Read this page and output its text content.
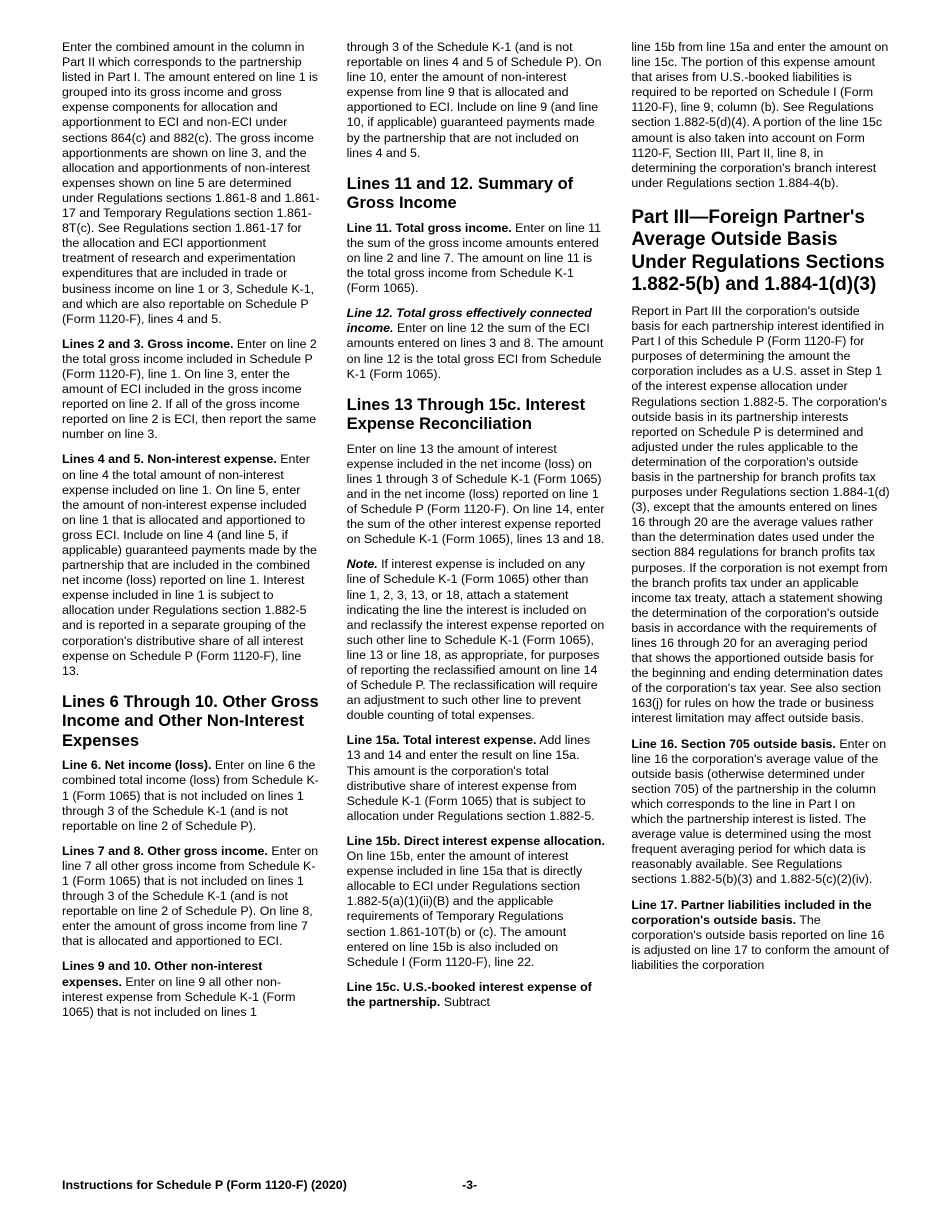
Enter the combined amount in the column in Part II which corresponds to the partnership listed in Part I. The amount entered on line 1 is grouped into its gross income and gross expense components for allocation and apportionment to ECI and non-ECI under sections 864(c) and 882(c). The gross income apportionments are shown on line 3, and the allocation and apportionments of non-interest expenses shown on line 5 are determined under Regulations sections 1.861-8 and 1.861-17 and Temporary Regulations section 1.861-8T(c). See Regulations section 1.861-17 for the allocation and ECI apportionment treatment of research and experimentation expenditures that are included in trade or business income on line 1 or 3, Schedule K-1, and which are also reportable on Schedule P (Form 1120-F), lines 4 and 5.

Lines 2 and 3. Gross income. Enter on line 2 the total gross income included in Schedule P (Form 1120-F), line 1. On line 3, enter the amount of ECI included in the gross income reported on line 2. If all of the gross income reported on line 2 is ECI, then report the same number on line 3.

Lines 4 and 5. Non-interest expense. Enter on line 4 the total amount of non-interest expense included on line 1. On line 5, enter the amount of non-interest expense included on line 1 that is allocated and apportioned to gross ECI. Include on line 4 (and line 5, if applicable) guaranteed payments made by the partnership that are included in the combined net income (loss) reported on line 1. Interest expense included in line 1 is subject to allocation under Regulations section 1.882-5 and is reported in a separate grouping of the corporation's distributive share of all interest expense on Schedule P (Form 1120-F), line 13.

Lines 6 Through 10. Other Gross Income and Other Non-Interest Expenses

Line 6. Net income (loss). Enter on line 6 the combined total income (loss) from Schedule K-1 (Form 1065) that is not included on lines 1 through 3 of the Schedule K-1 (and is not reportable on line 2 of Schedule P).

Lines 7 and 8. Other gross income. Enter on line 7 all other gross income from Schedule K-1 (Form 1065) that is not included on lines 1 through 3 of the Schedule K-1 (and is not reportable on line 2 of Schedule P). On line 8, enter the amount of gross income from line 7 that is allocated and apportioned to ECI.

Lines 9 and 10. Other non-interest expenses. Enter on line 9 all other non-interest expense from Schedule K-1 (Form 1065) that is not included on lines 1

through 3 of the Schedule K-1 (and is not reportable on lines 4 and 5 of Schedule P). On line 10, enter the amount of non-interest expense from line 9 that is allocated and apportioned to ECI. Include on line 9 (and line 10, if applicable) guaranteed payments made by the partnership that are not included on lines 4 and 5.

Lines 11 and 12. Summary of Gross Income

Line 11. Total gross income. Enter on line 11 the sum of the gross income amounts entered on line 2 and line 7. The amount on line 11 is the total gross income from Schedule K-1 (Form 1065).

Line 12. Total gross effectively connected income. Enter on line 12 the sum of the ECI amounts entered on lines 3 and 8. The amount on line 12 is the total gross ECI from Schedule K-1 (Form 1065).

Lines 13 Through 15c. Interest Expense Reconciliation

Enter on line 13 the amount of interest expense included in the net income (loss) on lines 1 through 3 of Schedule K-1 (Form 1065) and in the net income (loss) reported on line 1 of Schedule P (Form 1120-F). On line 14, enter the sum of the other interest expense reported on Schedule K-1 (Form 1065), lines 13 and 18.

Note. If interest expense is included on any line of Schedule K-1 (Form 1065) other than line 1, 2, 3, 13, or 18, attach a statement indicating the line the interest is included on and reclassify the interest expense reported on such other line to Schedule K-1 (Form 1065), line 13 or line 18, as appropriate, for purposes of reporting the reclassified amount on line 14 of Schedule P. The reclassification will require an adjustment to such other line to prevent double counting of total expenses.

Line 15a. Total interest expense. Add lines 13 and 14 and enter the result on line 15a. This amount is the corporation's total distributive share of interest expense from Schedule K-1 (Form 1065) that is subject to allocation under Regulations section 1.882-5.

Line 15b. Direct interest expense allocation. On line 15b, enter the amount of interest expense included in line 15a that is directly allocable to ECI under Regulations section 1.882-5(a)(1)(ii)(B) and the applicable requirements of Temporary Regulations section 1.861-10T(b) or (c). The amount entered on line 15b is also included on Schedule I (Form 1120-F), line 22.

Line 15c. U.S.-booked interest expense of the partnership. Subtract

line 15b from line 15a and enter the amount on line 15c. The portion of this expense amount that arises from U.S.-booked liabilities is required to be reported on Schedule I (Form 1120-F), line 9, column (b). See Regulations section 1.882-5(d)(4). A portion of the line 15c amount is also taken into account on Form 1120-F, Section III, Part II, line 8, in determining the corporation's branch interest under Regulations section 1.884-4(b).

Part III—Foreign Partner's Average Outside Basis Under Regulations Sections 1.882-5(b) and 1.884-1(d)(3)

Report in Part III the corporation's outside basis for each partnership interest identified in Part I of this Schedule P (Form 1120-F) for purposes of determining the amount the corporation includes as a U.S. asset in Step 1 of the interest expense allocation under Regulations section 1.882-5. The corporation's outside basis in its partnership interests reported on Schedule P is determined and adjusted under the rules applicable to the determination of the corporation's outside basis in the partnership for branch profits tax purposes under Regulations section 1.884-1(d)(3), except that the amounts entered on lines 16 through 20 are the average values rather than the determination dates used under the section 884 regulations for branch profits tax purposes. If the corporation is not exempt from the branch profits tax under an applicable income tax treaty, attach a statement showing the determination of the corporation's outside basis in accordance with the requirements of lines 16 through 20 for an averaging period that shows the apportioned outside basis for the beginning and ending determination dates of the corporation's tax year. See also section 163(j) for rules on how the trade or business interest limitation may affect outside basis.

Line 16. Section 705 outside basis. Enter on line 16 the corporation's average value of the outside basis (otherwise determined under section 705) of the partnership in the column which corresponds to the line in Part I on which the partnership interest is listed. The average value is determined using the most frequent averaging period for which data is reasonably available. See Regulations sections 1.882-5(b)(3) and 1.882-5(c)(2)(iv).

Line 17. Partner liabilities included in the corporation's outside basis. The corporation's outside basis reported on line 16 is adjusted on line 17 to conform the amount of liabilities the corporation

Instructions for Schedule P (Form 1120-F) (2020)	-3-
